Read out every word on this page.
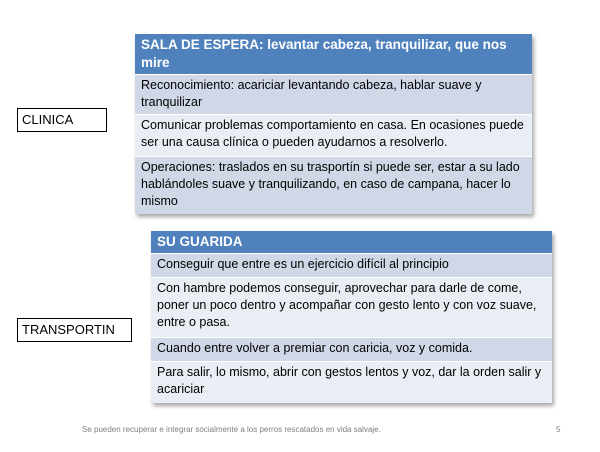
CLINICA
SALA DE ESPERA: levantar cabeza, tranquilizar, que nos mire
Reconocimiento: acariciar levantando cabeza, hablar suave y tranquilizar
Comunicar problemas comportamiento en casa. En ocasiones puede ser una causa clínica o pueden ayudarnos a resolverlo.
Operaciones: traslados en su trasportín si puede ser, estar a su lado hablándoles suave y tranquilizando, en caso de campana, hacer lo mismo
TRANSPORTIN
SU GUARIDA
Conseguir que entre es un ejercicio difícil al principio
Con hambre podemos conseguir, aprovechar para darle de come, poner un poco dentro y acompañar con gesto lento y con voz suave, entre o pasa.
Cuando entre volver a premiar con caricia, voz y comida.
Para salir, lo mismo, abrir con gestos lentos y voz, dar la orden salir y acariciar
Se pueden recuperar e integrar socialmente a los perros rescatados en vida salvaje.	5
